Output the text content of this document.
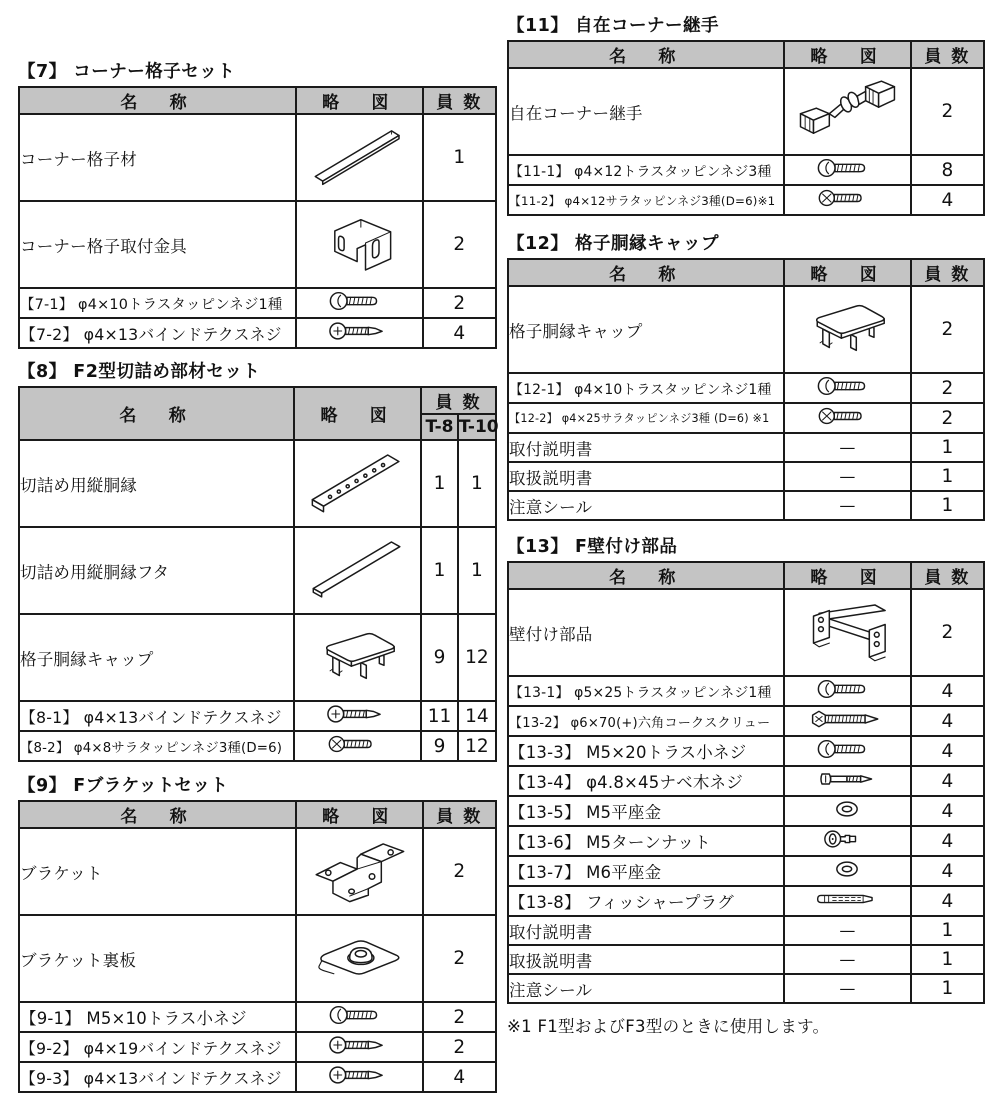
【7】 コーナー格子セット
名　称	略　図	員 数
コーナー格子材		1
コーナー格子取付金具		2
【7-1】 φ4×10トラスタッピンネジ1種		2
【7-2】 φ4×13バインドテクスネジ		4
【8】 F2型切詰め部材セット
名　称	略　図	員 数	
		T-8	T-10
切詰め用縦胴縁		1	1
切詰め用縦胴縁フタ		1	1
格子胴縁キャップ		9	12
【8-1】 φ4×13バインドテクスネジ		11	14
【8-2】 φ4×8サラタッピンネジ3種(D=6)		9	12
【9】 Fブラケットセット
名　称	略　図	員 数
ブラケット		2
ブラケット裏板		2
【9-1】 M5×10トラス小ネジ		2
【9-2】 φ4×19バインドテクスネジ		2
【9-3】 φ4×13バインドテクスネジ		4
【11】 自在コーナー継手
名　称	略　図	員 数
自在コーナー継手		2
【11-1】 φ4×12トラスタッピンネジ3種		8
【11-2】 φ4×12サラタッピンネジ3種(D=6)※1		4
【12】 格子胴縁キャップ
名　称	略　図	員 数
格子胴縁キャップ		2
【12-1】 φ4×10トラスタッピンネジ1種		2
【12-2】 φ4×25サラタッピンネジ3種 (D=6) ※1		2
取付説明書	—	1
取扱説明書	—	1
注意シール	—	1
【13】 F壁付け部品
名　称	略　図	員 数
壁付け部品		2
【13-1】 φ5×25トラスタッピンネジ1種		4
【13-2】 φ6×70(+)六角コークスクリュー		4
【13-3】 M5×20トラス小ネジ		4
【13-4】 φ4.8×45ナベ木ネジ		4
【13-5】 M5平座金		4
【13-6】 M5ターンナット		4
【13-7】 M6平座金		4
【13-8】 フィッシャープラグ		4
取付説明書	—	1
取扱説明書	—	1
注意シール	—	1
※1 F1型およびF3型のときに使用します。
